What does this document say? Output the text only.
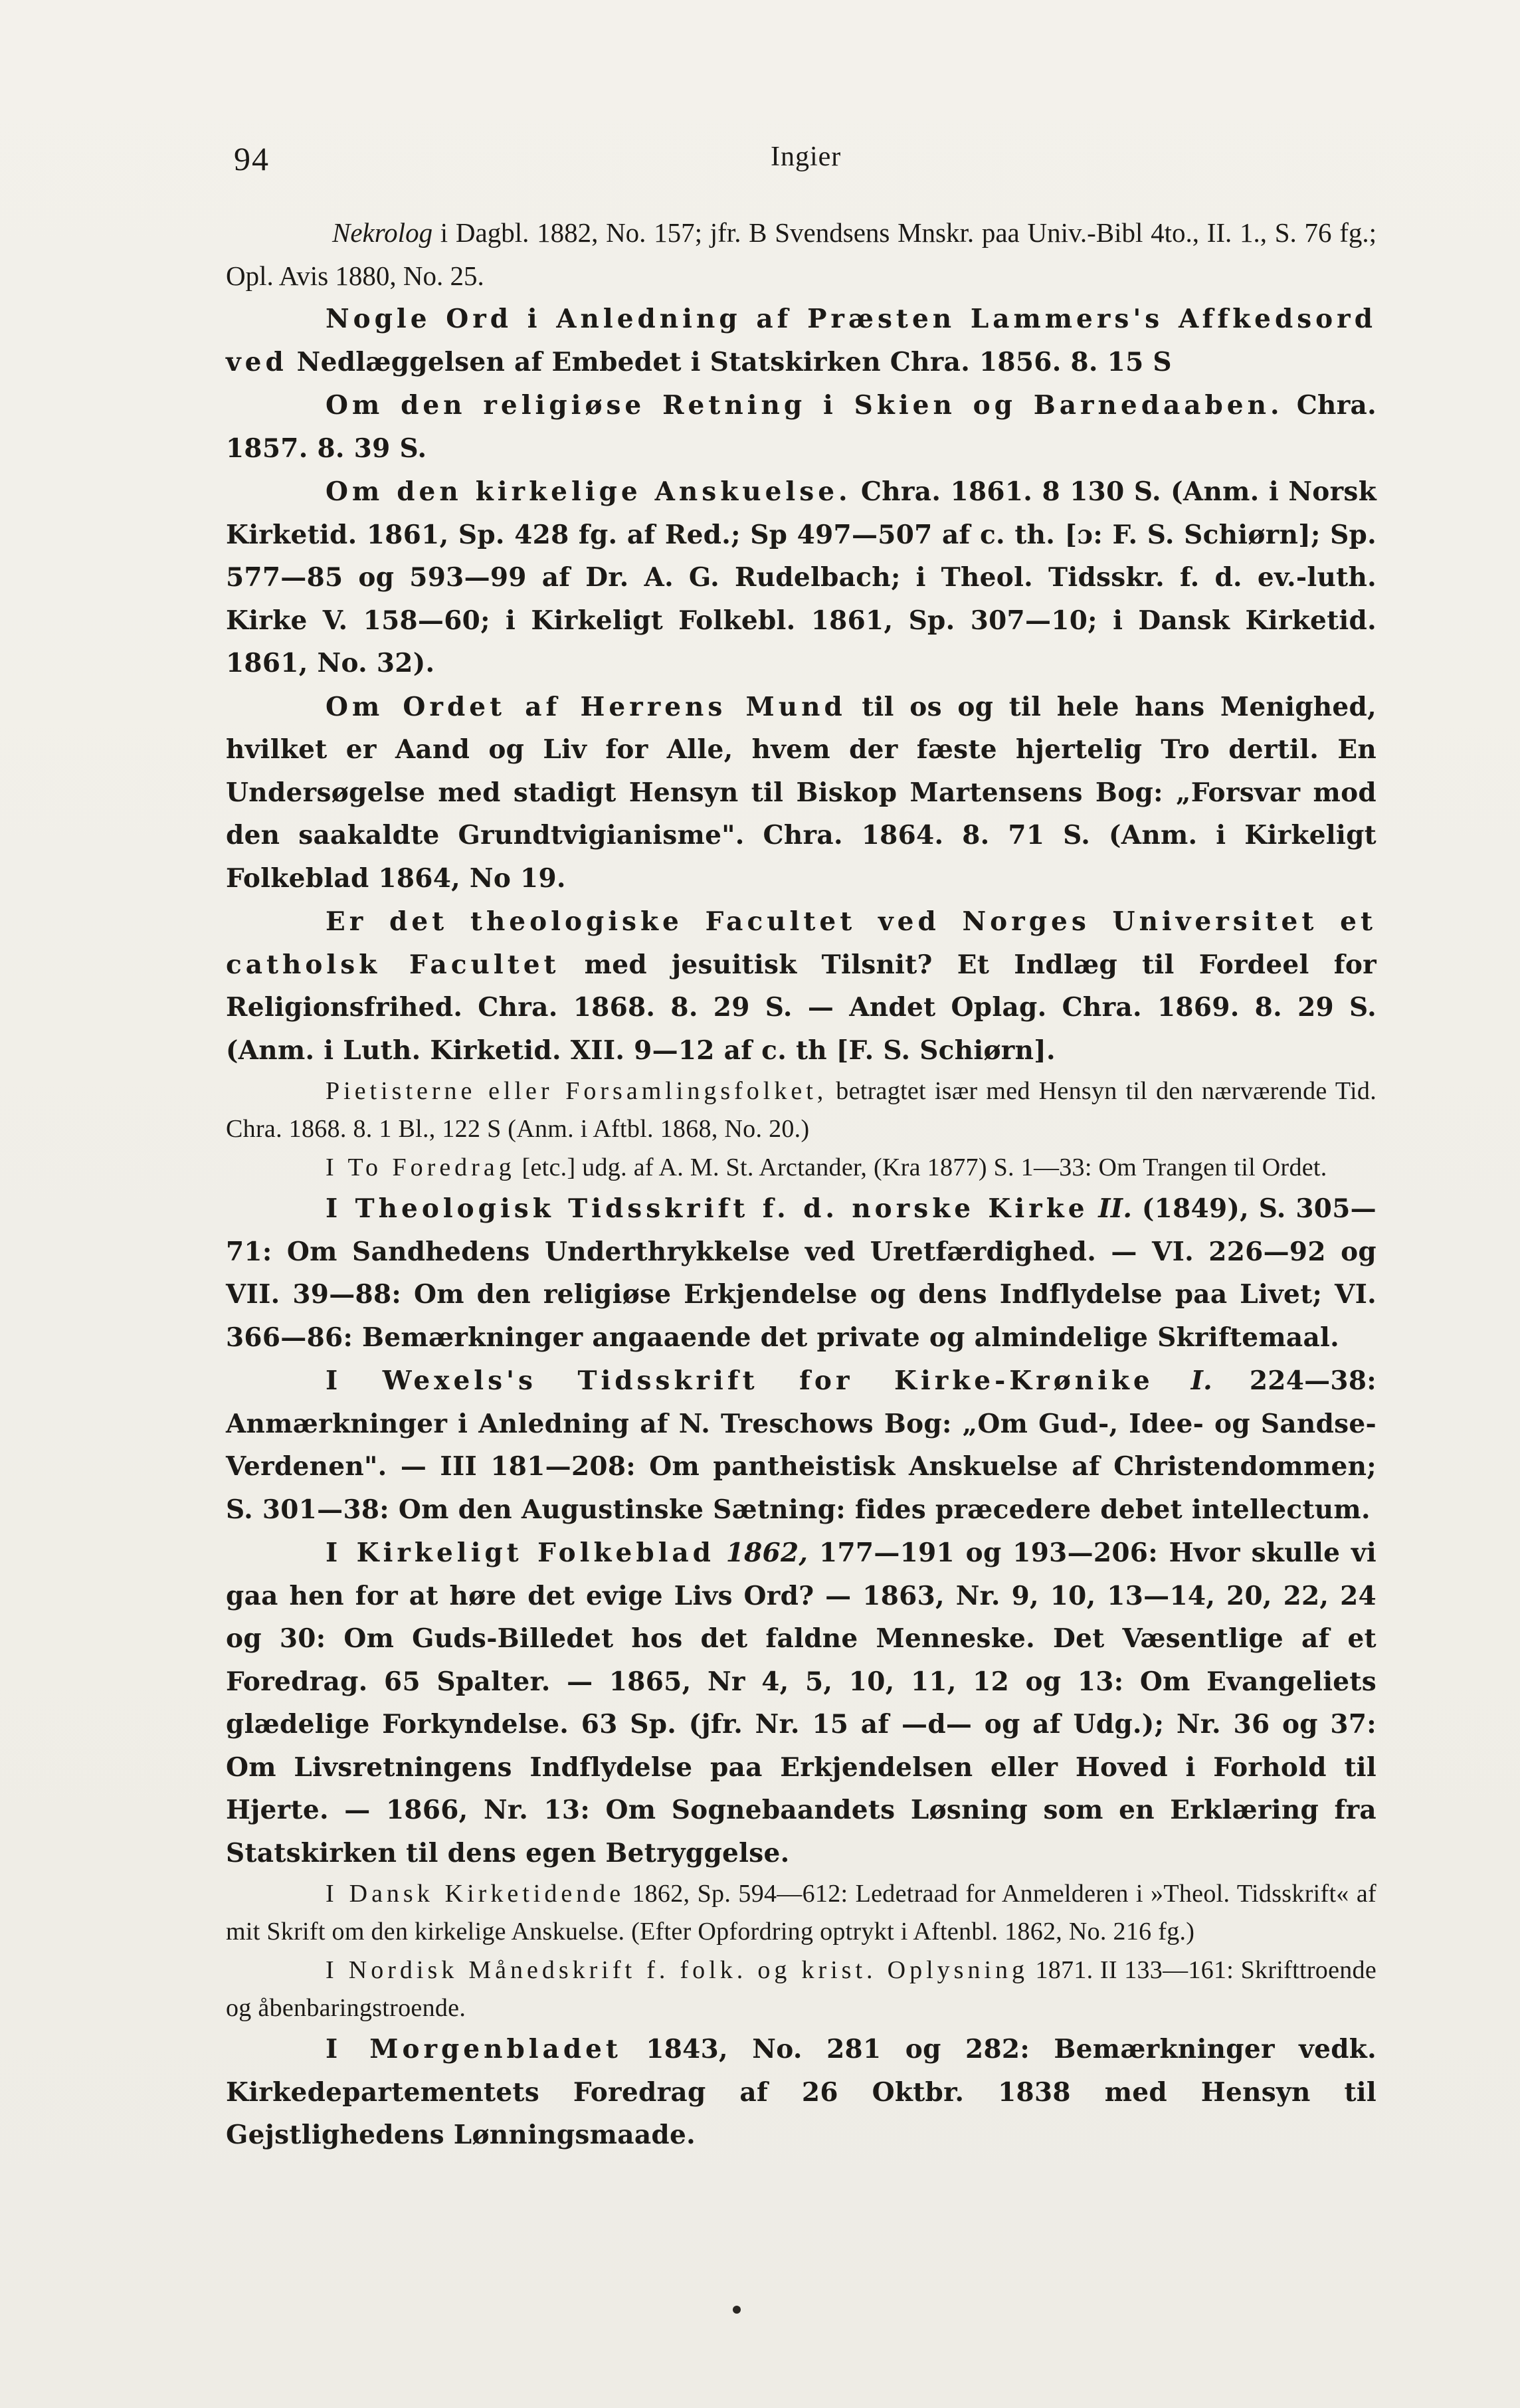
94	Ingier

Nekrolog i Dagbl. 1882, No. 157; jfr. B Svendsens Mnskr. paa Univ.-Bibl 4to., II. 1., S. 76 fg.; Opl. Avis 1880, No. 25.

Nogle Ord i Anledning af Præsten Lammers's Affkedsord ved Nedlæggelsen af Embedet i Statskirken Chra. 1856. 8. 15 S

Om den religiøse Retning i Skien og Barnedaaben. Chra. 1857. 8. 39 S.

Om den kirkelige Anskuelse. Chra. 1861. 8 130 S. (Anm. i Norsk Kirketid. 1861, Sp. 428 fg. af Red.; Sp 497—507 af c. th. [ɔ: F. S. Schiørn]; Sp. 577—85 og 593—99 af Dr. A. G. Rudelbach; i Theol. Tidsskr. f. d. ev.-luth. Kirke V. 158—60; i Kirkeligt Folkebl. 1861, Sp. 307—10; i Dansk Kirketid. 1861, No. 32).

Om Ordet af Herrens Mund til os og til hele hans Menighed, hvilket er Aand og Liv for Alle, hvem der fæste hjertelig Tro dertil. En Undersøgelse med stadigt Hensyn til Biskop Martensens Bog: „Forsvar mod den saakaldte Grundtvigianisme". Chra. 1864. 8. 71 S. (Anm. i Kirkeligt Folkeblad 1864, No 19.

Er det theologiske Facultet ved Norges Universitet et catholsk Facultet med jesuitisk Tilsnit? Et Indlæg til Fordeel for Religionsfrihed. Chra. 1868. 8. 29 S. — Andet Oplag. Chra. 1869. 8. 29 S. (Anm. i Luth. Kirketid. XII. 9—12 af c. th [F. S. Schiørn].

Pietisterne eller Forsamlingsfolket, betragtet især med Hensyn til den nærværende Tid. Chra. 1868. 8. 1 Bl., 122 S (Anm. i Aftbl. 1868, No. 20.)

I To Foredrag [etc.] udg. af A. M. St. Arctander, (Kra 1877) S. 1—33: Om Trangen til Ordet.

I Theologisk Tidsskrift f. d. norske Kirke II. (1849), S. 305—71: Om Sandhedens Underthrykkelse ved Uretfærdighed. — VI. 226—92 og VII. 39—88: Om den religiøse Erkjendelse og dens Indflydelse paa Livet; VI. 366—86: Bemærkninger angaaende det private og almindelige Skriftemaal.

I Wexels's Tidsskrift for Kirke-Krønike I. 224—38: Anmærkninger i Anledning af N. Treschows Bog: „Om Gud-, Idee- og Sandse-Verdenen". — III 181—208: Om pantheistisk Anskuelse af Christendommen; S. 301—38: Om den Augustinske Sætning: fides præcedere debet intellectum.

I Kirkeligt Folkeblad 1862, 177—191 og 193—206: Hvor skulle vi gaa hen for at høre det evige Livs Ord? — 1863, Nr. 9, 10, 13—14, 20, 22, 24 og 30: Om Guds-Billedet hos det faldne Menneske. Det Væsentlige af et Foredrag. 65 Spalter. — 1865, Nr 4, 5, 10, 11, 12 og 13: Om Evangeliets glædelige Forkyndelse. 63 Sp. (jfr. Nr. 15 af —d— og af Udg.); Nr. 36 og 37: Om Livsretningens Indflydelse paa Erkjendelsen eller Hoved i Forhold til Hjerte. — 1866, Nr. 13: Om Sognebaandets Løsning som en Erklæring fra Statskirken til dens egen Betryggelse.

I Dansk Kirketidende 1862, Sp. 594—612: Ledetraad for Anmelderen i »Theol. Tidsskrift« af mit Skrift om den kirkelige Anskuelse. (Efter Opfordring optrykt i Aftenbl. 1862, No. 216 fg.)

I Nordisk Månedskrift f. folk. og krist. Oplysning 1871. II 133—161: Skrifttroende og åbenbaringstroende.

I Morgenbladet 1843, No. 281 og 282: Bemærkninger vedk. Kirkedepartementets Foredrag af 26 Oktbr. 1838 med Hensyn til Gejstlighedens Lønningsmaade.
